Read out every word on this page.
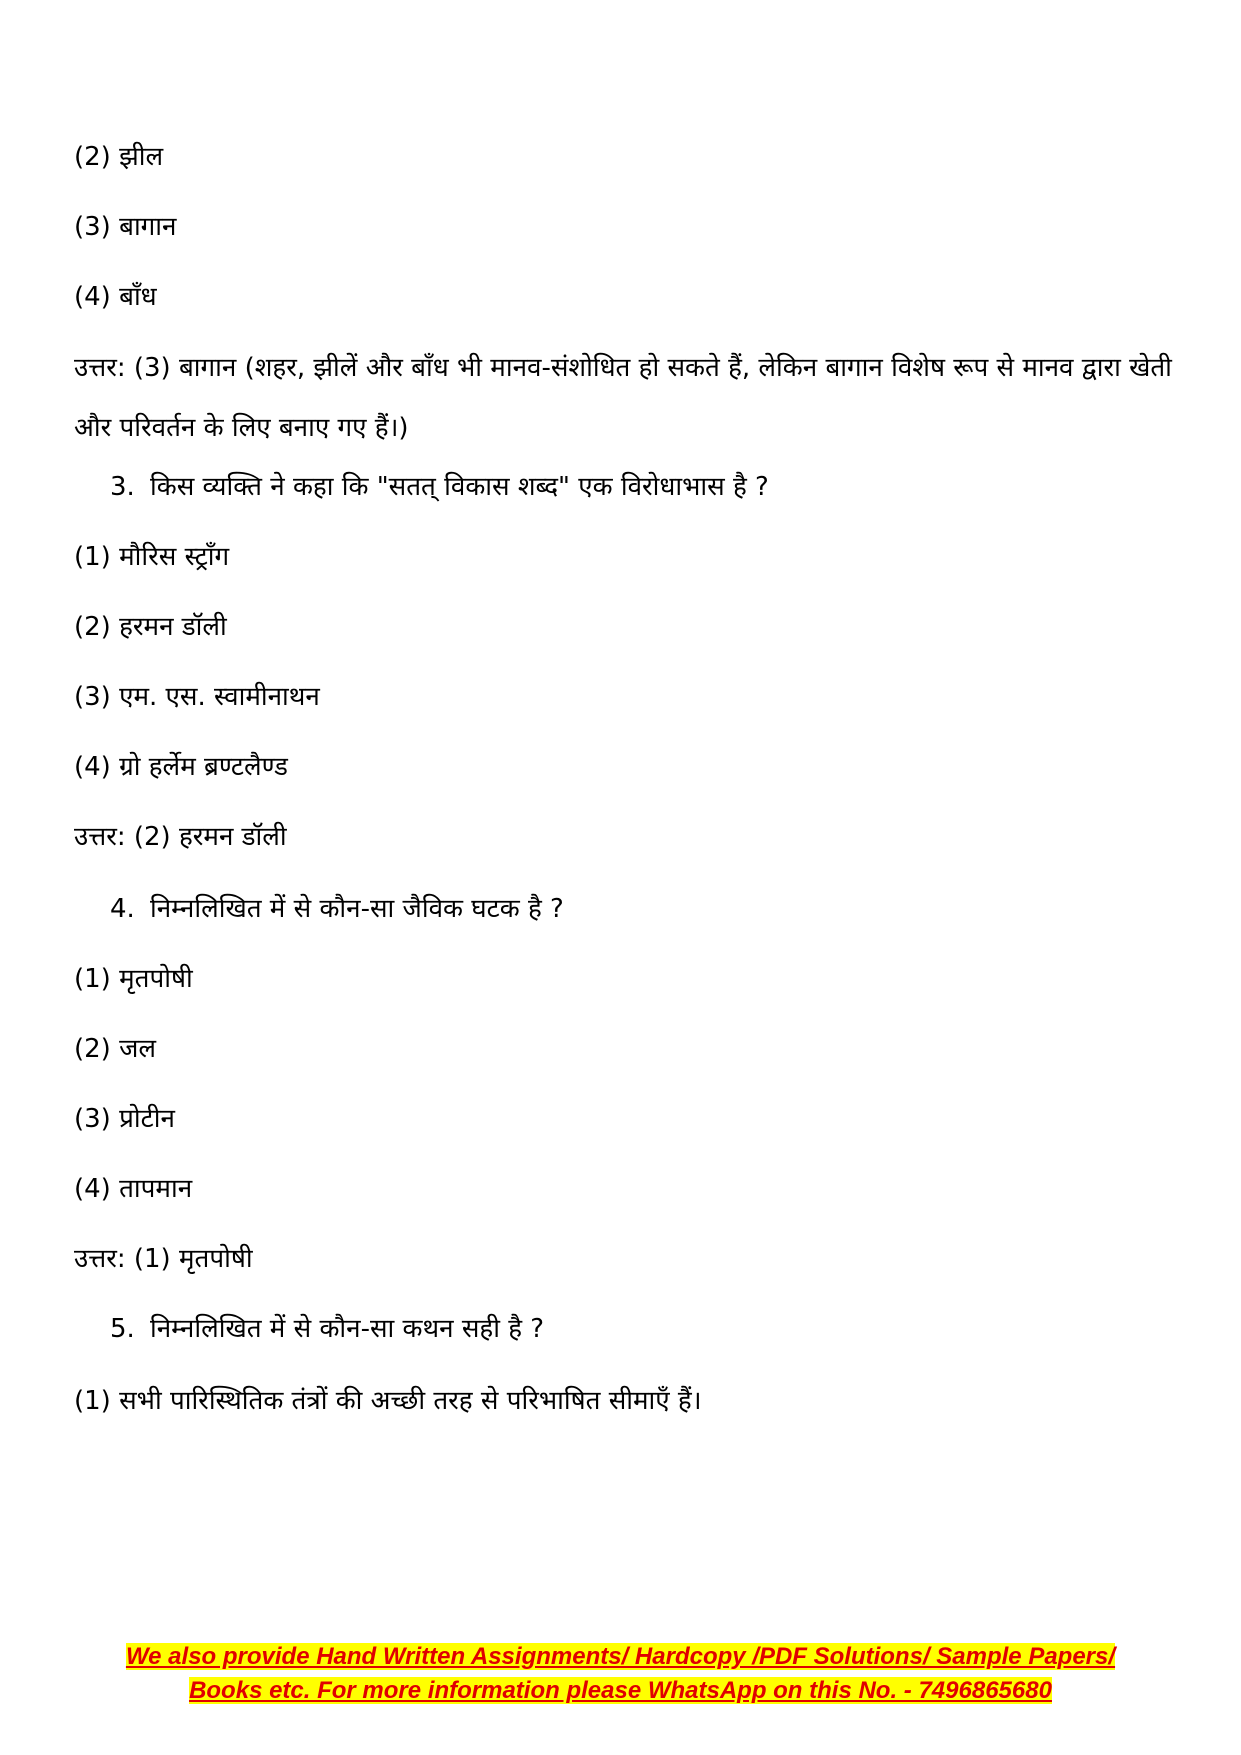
(2) झील
(3) बागान
(4) बाँध
उत्तर: (3) बागान (शहर, झीलें और बाँध भी मानव-संशोधित हो सकते हैं, लेकिन बागान विशेष रूप से मानव द्वारा खेती और परिवर्तन के लिए बनाए गए हैं।)
3. किस व्यक्ति ने कहा कि "सतत् विकास शब्द" एक विरोधाभास है ?
(1) मौरिस स्ट्राँग
(2) हरमन डॉली
(3) एम. एस. स्वामीनाथन
(4) ग्रो हर्लेम ब्रण्टलैण्ड
उत्तर: (2) हरमन डॉली
4. निम्नलिखित में से कौन-सा जैविक घटक है ?
(1) मृतपोषी
(2) जल
(3) प्रोटीन
(4) तापमान
उत्तर: (1) मृतपोषी
5. निम्नलिखित में से कौन-सा कथन सही है ?
(1) सभी पारिस्थितिक तंत्रों की अच्छी तरह से परिभाषित सीमाएँ हैं।
We also provide Hand Written Assignments/ Hardcopy /PDF Solutions/ Sample Papers/
Books etc. For more information please WhatsApp on this No. - 7496865680
